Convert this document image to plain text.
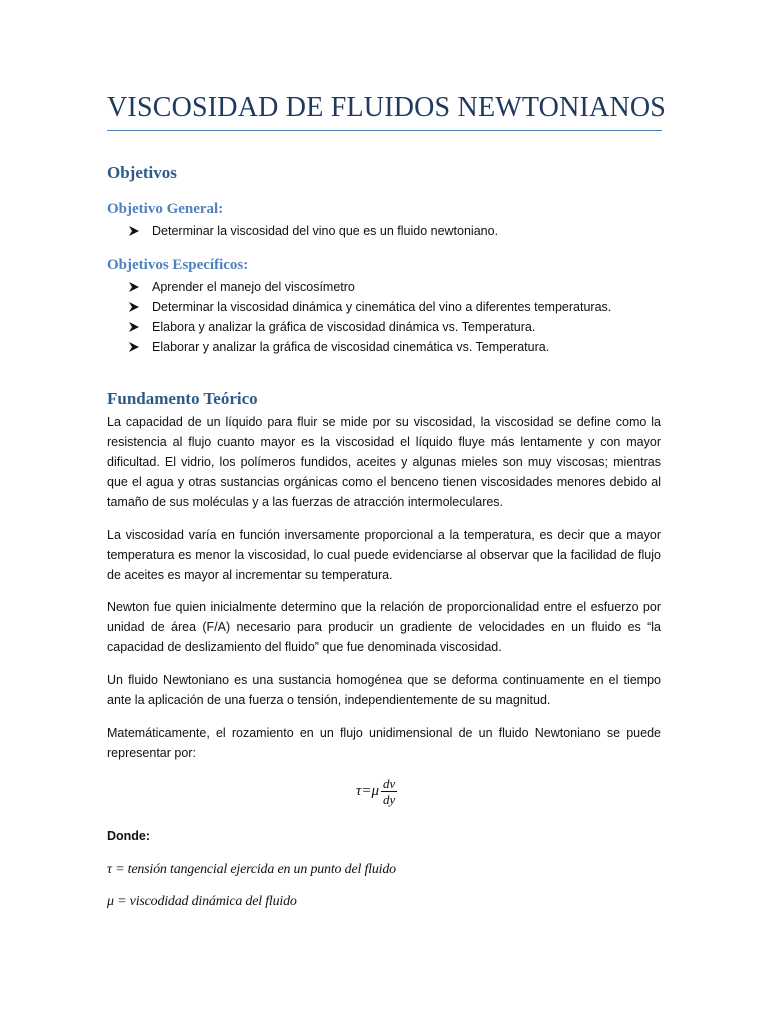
VISCOSIDAD DE FLUIDOS NEWTONIANOS
Objetivos
Objetivo General:
Determinar la viscosidad del vino que es un fluido newtoniano.
Objetivos Específicos:
Aprender el manejo del viscosímetro
Determinar la viscosidad dinámica y cinemática del vino a diferentes temperaturas.
Elabora y analizar la gráfica de viscosidad dinámica vs. Temperatura.
Elaborar y analizar la gráfica de viscosidad cinemática vs. Temperatura.
Fundamento Teórico

La capacidad de un líquido para fluir se mide por su viscosidad, la viscosidad se define como la resistencia al flujo cuanto mayor es la viscosidad el líquido fluye más lentamente y con mayor dificultad. El vidrio, los polímeros fundidos, aceites y algunas mieles son muy viscosas; mientras que el agua y otras sustancias orgánicas como el benceno tienen viscosidades menores debido al tamaño de sus moléculas y a las fuerzas de atracción intermoleculares.

La viscosidad varía en función inversamente proporcional a la temperatura, es decir que a mayor temperatura es menor la viscosidad, lo cual puede evidenciarse al observar que la facilidad de flujo de aceites es mayor al incrementar su temperatura.

Newton fue quien inicialmente determino que la relación de proporcionalidad entre el esfuerzo por unidad de área (F/A) necesario para producir un gradiente de velocidades en un fluido es “la capacidad de deslizamiento del fluido” que fue denominada viscosidad.

Un fluido Newtoniano es una sustancia homogénea que se deforma continuamente en el tiempo ante la aplicación de una fuerza o tensión, independientemente de su magnitud.

Matemáticamente, el rozamiento en un flujo unidimensional de un fluido Newtoniano se puede representar por:

τ = μ $\frac{dv}{dy}$
Donde:
τ = tensión tangencial ejercida en un punto del fluido
μ = viscodidad dinámica del fluido
